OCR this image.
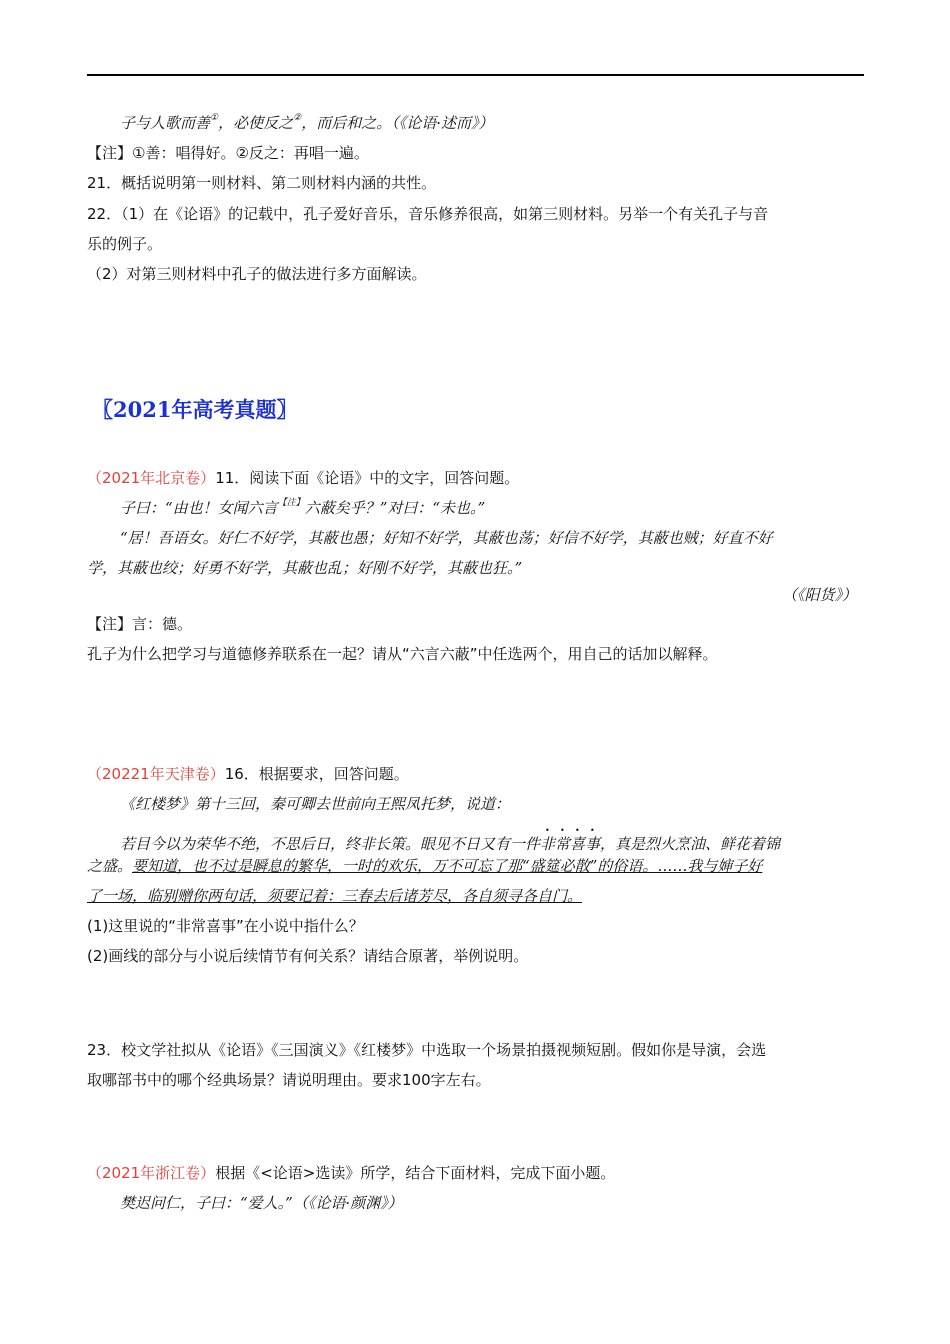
子与人歌而善①，必使反之②，而后和之。（《论语·述而》）
【注】①善：唱得好。②反之：再唱一遍。
21．概括说明第一则材料、第二则材料内涵的共性。
22．（1）在《论语》的记载中，孔子爱好音乐，音乐修养很高，如第三则材料。另举一个有关孔子与音
乐的例子。
（2）对第三则材料中孔子的做法进行多方面解读。
〖2021年高考真题〗
（2021年北京卷）11．阅读下面《论语》中的文字，回答问题。
子曰：“由也！女闻六言$^{【注】}$六蔽矣乎？”对曰：“未也。”
“居！吾语女。好仁不好学，其蔽也愚；好知不好学，其蔽也荡；好信不好学，其蔽也贼；好直不好
学，其蔽也绞；好勇不好学，其蔽也乱；好刚不好学，其蔽也狂。”
（《阳货》）
【注】言：德。
孔子为什么把学习与道德修养联系在一起？请从“六言六蔽”中任选两个，用自己的话加以解释。
（20221年天津卷）16．根据要求，回答问题。
《红楼梦》第十三回，秦可卿去世前向王熙凤托梦，说道：
若目今以为荣华不绝，不思后日，终非长策。眼见不日又有一件非常喜事，真是烈火烹油、鲜花着锦
之盛。要知道，也不过是瞬息的繁华，一时的欢乐，万不可忘了那“盛筵必散”的俗语。……我与婶子好
了一场，临别赠你两句话，须要记着：三春去后诸芳尽，各自须寻各自门。
(1)这里说的“非常喜事”在小说中指什么？
(2)画线的部分与小说后续情节有何关系？请结合原著，举例说明。
23．校文学社拟从《论语》《三国演义》《红楼梦》中选取一个场景拍摄视频短剧。假如你是导演，会选
取哪部书中的哪个经典场景？请说明理由。要求100字左右。
（2021年浙江卷）根据《<论语>选读》所学，结合下面材料，完成下面小题。
樊迟问仁，子曰：“爱人。”（《论语·颜渊》）
